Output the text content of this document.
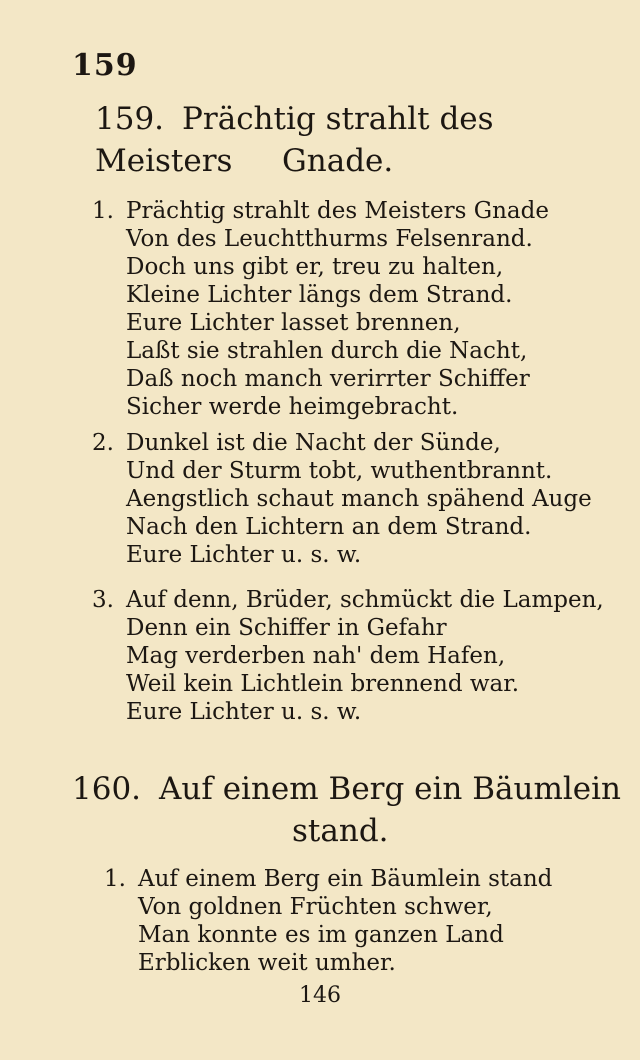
159
159. Prächtig strahlt des Meisters	Gnade.
1. Prächtig strahlt des Meisters Gnade
Von des Leuchtthurms Felsenrand.
Doch uns gibt er, treu zu halten,
Kleine Lichter längs dem Strand.
Eure Lichter lasset brennen,
Laßt sie strahlen durch die Nacht,
Daß noch manch verirrter Schiffer
Sicher werde heimgebracht.
2. Dunkel ist die Nacht der Sünde,
Und der Sturm tobt, wuthentbrannt.
Aengstlich schaut manch spähend Auge
Nach den Lichtern an dem Strand.
Eure Lichter u. s. w.
3. Auf denn, Brüder, schmückt die Lampen,
Denn ein Schiffer in Gefahr
Mag verderben nah' dem Hafen,
Weil kein Lichtlein brennend war.
Eure Lichter u. s. w.
160. Auf einem Berg ein Bäumlein
stand.
1. Auf einem Berg ein Bäumlein stand
Von goldnen Früchten schwer,
Man konnte es im ganzen Land
Erblicken weit umher.
146
